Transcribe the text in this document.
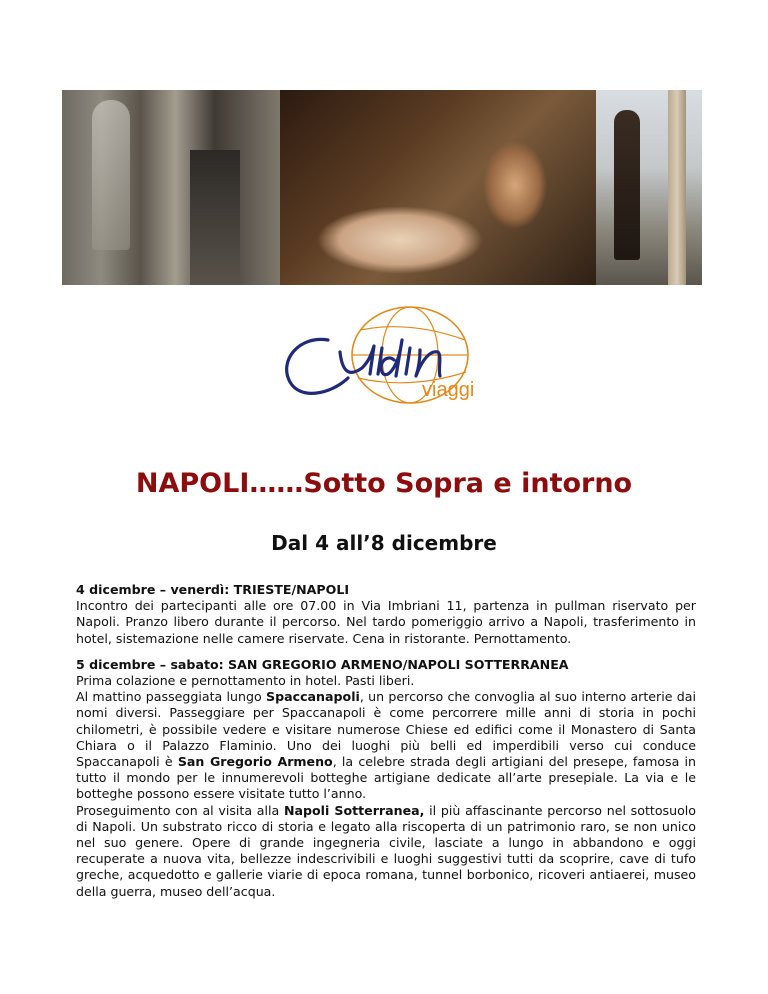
viaggi
NAPOLI……Sotto Sopra e intorno
Dal 4 all’8 dicembre

4 dicembre – venerdì: TRIESTE/NAPOLI

Incontro dei partecipanti alle ore 07.00 in Via Imbriani 11, partenza in pullman riservato per Napoli. Pranzo libero durante il percorso. Nel tardo pomeriggio arrivo a Napoli, trasferimento in hotel, sistemazione nelle camere riservate. Cena in ristorante. Pernottamento.

5 dicembre – sabato: SAN GREGORIO ARMENO/NAPOLI SOTTERRANEA

Prima colazione e pernottamento in hotel. Pasti liberi.

Al mattino passeggiata lungo Spaccanapoli, un percorso che convoglia al suo interno arterie dai nomi diversi. Passeggiare per Spaccanapoli è come percorrere mille anni di storia in pochi chilometri, è possibile vedere e visitare numerose Chiese ed edifici come il Monastero di Santa Chiara o il Palazzo Flaminio. Uno dei luoghi più belli ed imperdibili verso cui conduce Spaccanapoli è San Gregorio Armeno, la celebre strada degli artigiani del presepe, famosa in tutto il mondo per le innumerevoli botteghe artigiane dedicate all’arte presepiale. La via e le botteghe possono essere visitate tutto l’anno.

Proseguimento con al visita alla Napoli Sotterranea, il più affascinante percorso nel sottosuolo di Napoli. Un substrato ricco di storia e legato alla riscoperta di un patrimonio raro, se non unico nel suo genere. Opere di grande ingegneria civile, lasciate a lungo in abbandono e oggi recuperate a nuova vita, bellezze indescrivibili e luoghi suggestivi tutti da scoprire, cave di tufo greche, acquedotto e gallerie viarie di epoca romana, tunnel borbonico, ricoveri antiaerei, museo della guerra, museo dell’acqua.
